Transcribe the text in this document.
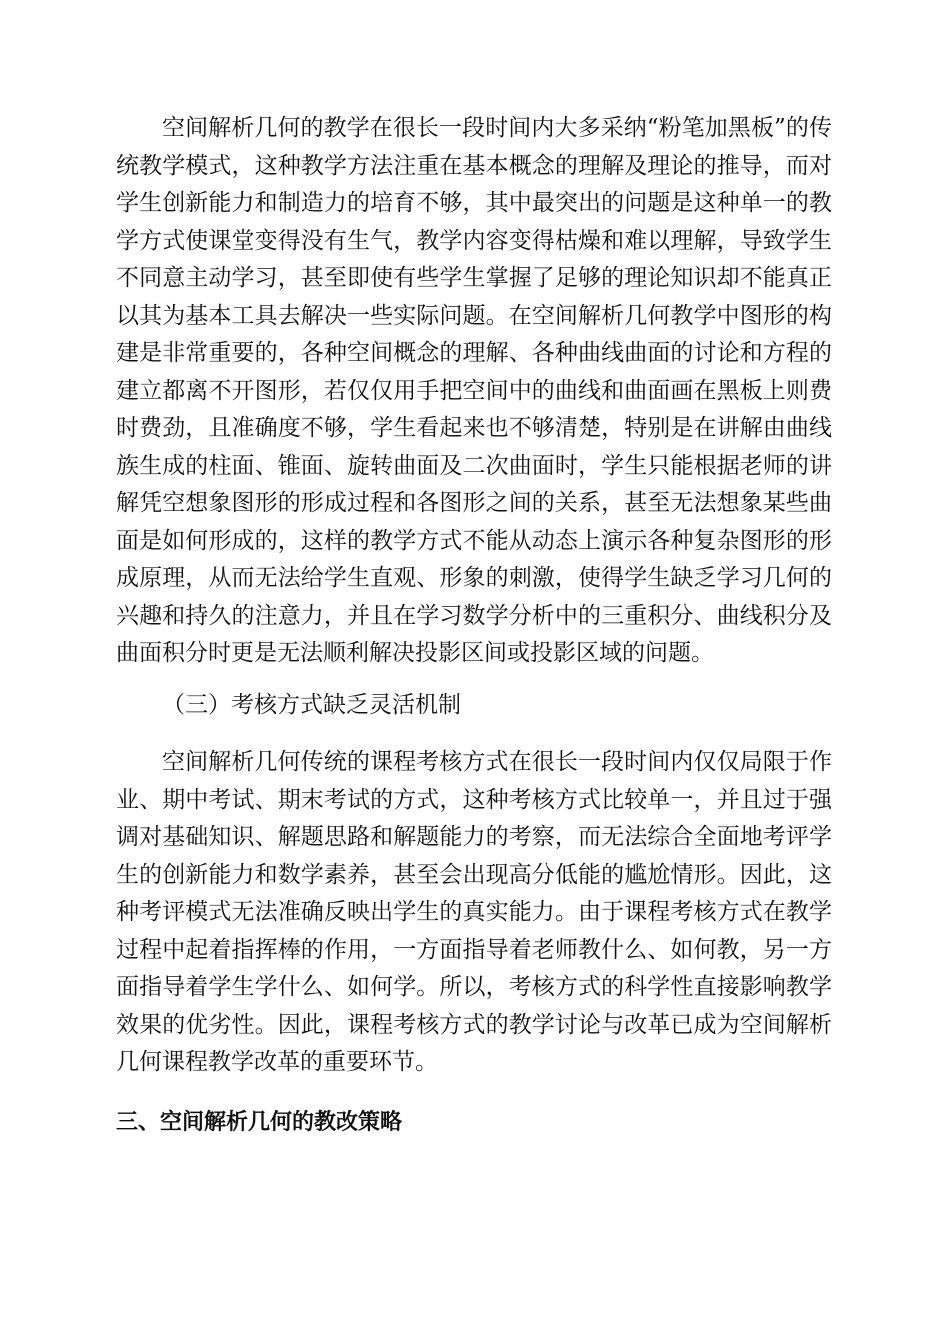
空间解析几何的教学在很长一段时间内大多采纳“粉笔加黑板”的传统教学模式，这种教学方法注重在基本概念的理解及理论的推导，而对学生创新能力和制造力的培育不够，其中最突出的问题是这种单一的教学方式使课堂变得没有生气，教学内容变得枯燥和难以理解，导致学生不同意主动学习，甚至即使有些学生掌握了足够的理论知识却不能真正以其为基本工具去解决一些实际问题。在空间解析几何教学中图形的构建是非常重要的，各种空间概念的理解、各种曲线曲面的讨论和方程的建立都离不开图形，若仅仅用手把空间中的曲线和曲面画在黑板上则费时费劲，且准确度不够，学生看起来也不够清楚，特别是在讲解由曲线族生成的柱面、锥面、旋转曲面及二次曲面时，学生只能根据老师的讲解凭空想象图形的形成过程和各图形之间的关系，甚至无法想象某些曲面是如何形成的，这样的教学方式不能从动态上演示各种复杂图形的形成原理，从而无法给学生直观、形象的刺激，使得学生缺乏学习几何的兴趣和持久的注意力，并且在学习数学分析中的三重积分、曲线积分及曲面积分时更是无法顺利解决投影区间或投影区域的问题。

（三）考核方式缺乏灵活机制

空间解析几何传统的课程考核方式在很长一段时间内仅仅局限于作业、期中考试、期末考试的方式，这种考核方式比较单一，并且过于强调对基础知识、解题思路和解题能力的考察，而无法综合全面地考评学生的创新能力和数学素养，甚至会出现高分低能的尴尬情形。因此，这种考评模式无法准确反映出学生的真实能力。由于课程考核方式在教学过程中起着指挥棒的作用，一方面指导着老师教什么、如何教，另一方面指导着学生学什么、如何学。所以，考核方式的科学性直接影响教学效果的优劣性。因此，课程考核方式的教学讨论与改革已成为空间解析几何课程教学改革的重要环节。

三、空间解析几何的教改策略
